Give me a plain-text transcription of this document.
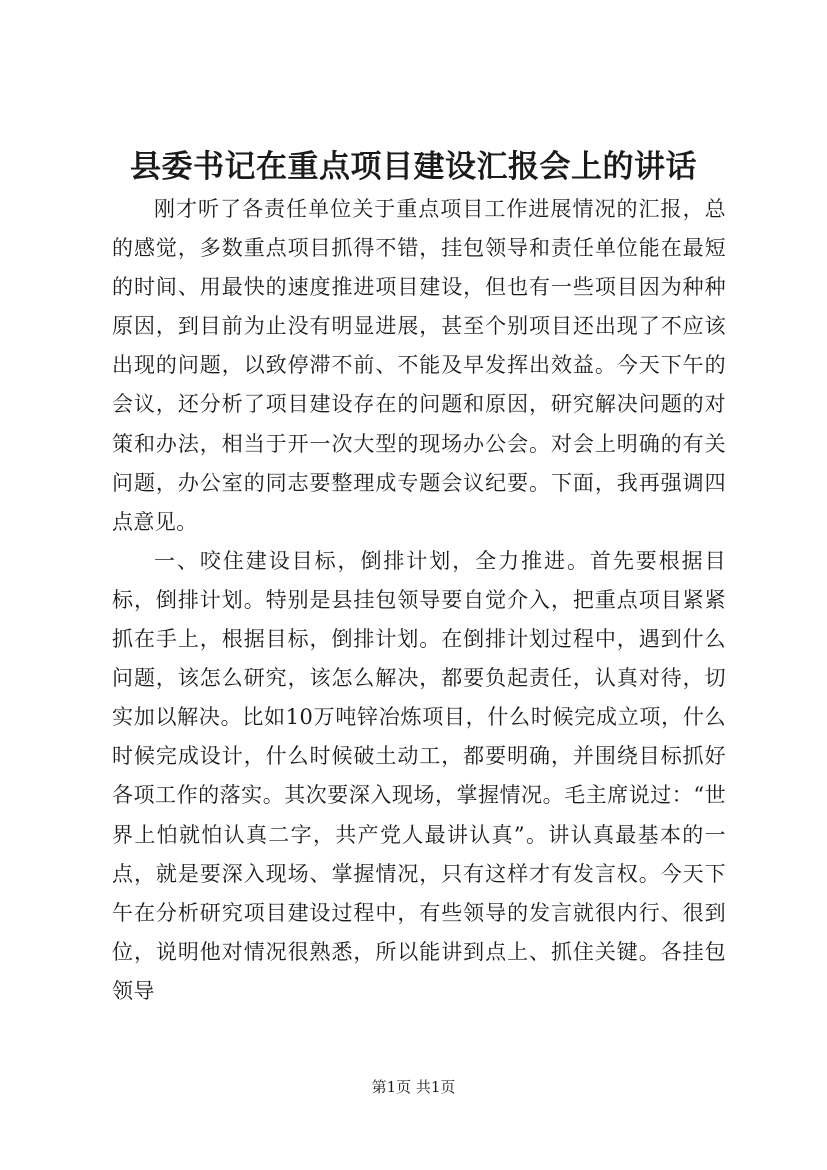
县委书记在重点项目建设汇报会上的讲话

刚才听了各责任单位关于重点项目工作进展情况的汇报，总的感觉，多数重点项目抓得不错，挂包领导和责任单位能在最短的时间、用最快的速度推进项目建设，但也有一些项目因为种种原因，到目前为止没有明显进展，甚至个别项目还出现了不应该出现的问题，以致停滞不前、不能及早发挥出效益。今天下午的会议，还分析了项目建设存在的问题和原因，研究解决问题的对策和办法，相当于开一次大型的现场办公会。对会上明确的有关问题，办公室的同志要整理成专题会议纪要。下面，我再强调四点意见。

一、咬住建设目标，倒排计划，全力推进。首先要根据目标，倒排计划。特别是县挂包领导要自觉介入，把重点项目紧紧抓在手上，根据目标，倒排计划。在倒排计划过程中，遇到什么问题，该怎么研究，该怎么解决，都要负起责任，认真对待，切实加以解决。比如10万吨锌冶炼项目，什么时候完成立项，什么时候完成设计，什么时候破土动工，都要明确，并围绕目标抓好各项工作的落实。其次要深入现场，掌握情况。毛主席说过：“世界上怕就怕认真二字，共产党人最讲认真”。讲认真最基本的一点，就是要深入现场、掌握情况，只有这样才有发言权。今天下午在分析研究项目建设过程中，有些领导的发言就很内行、很到位，说明他对情况很熟悉，所以能讲到点上、抓住关键。各挂包领导

第1页 共1页
